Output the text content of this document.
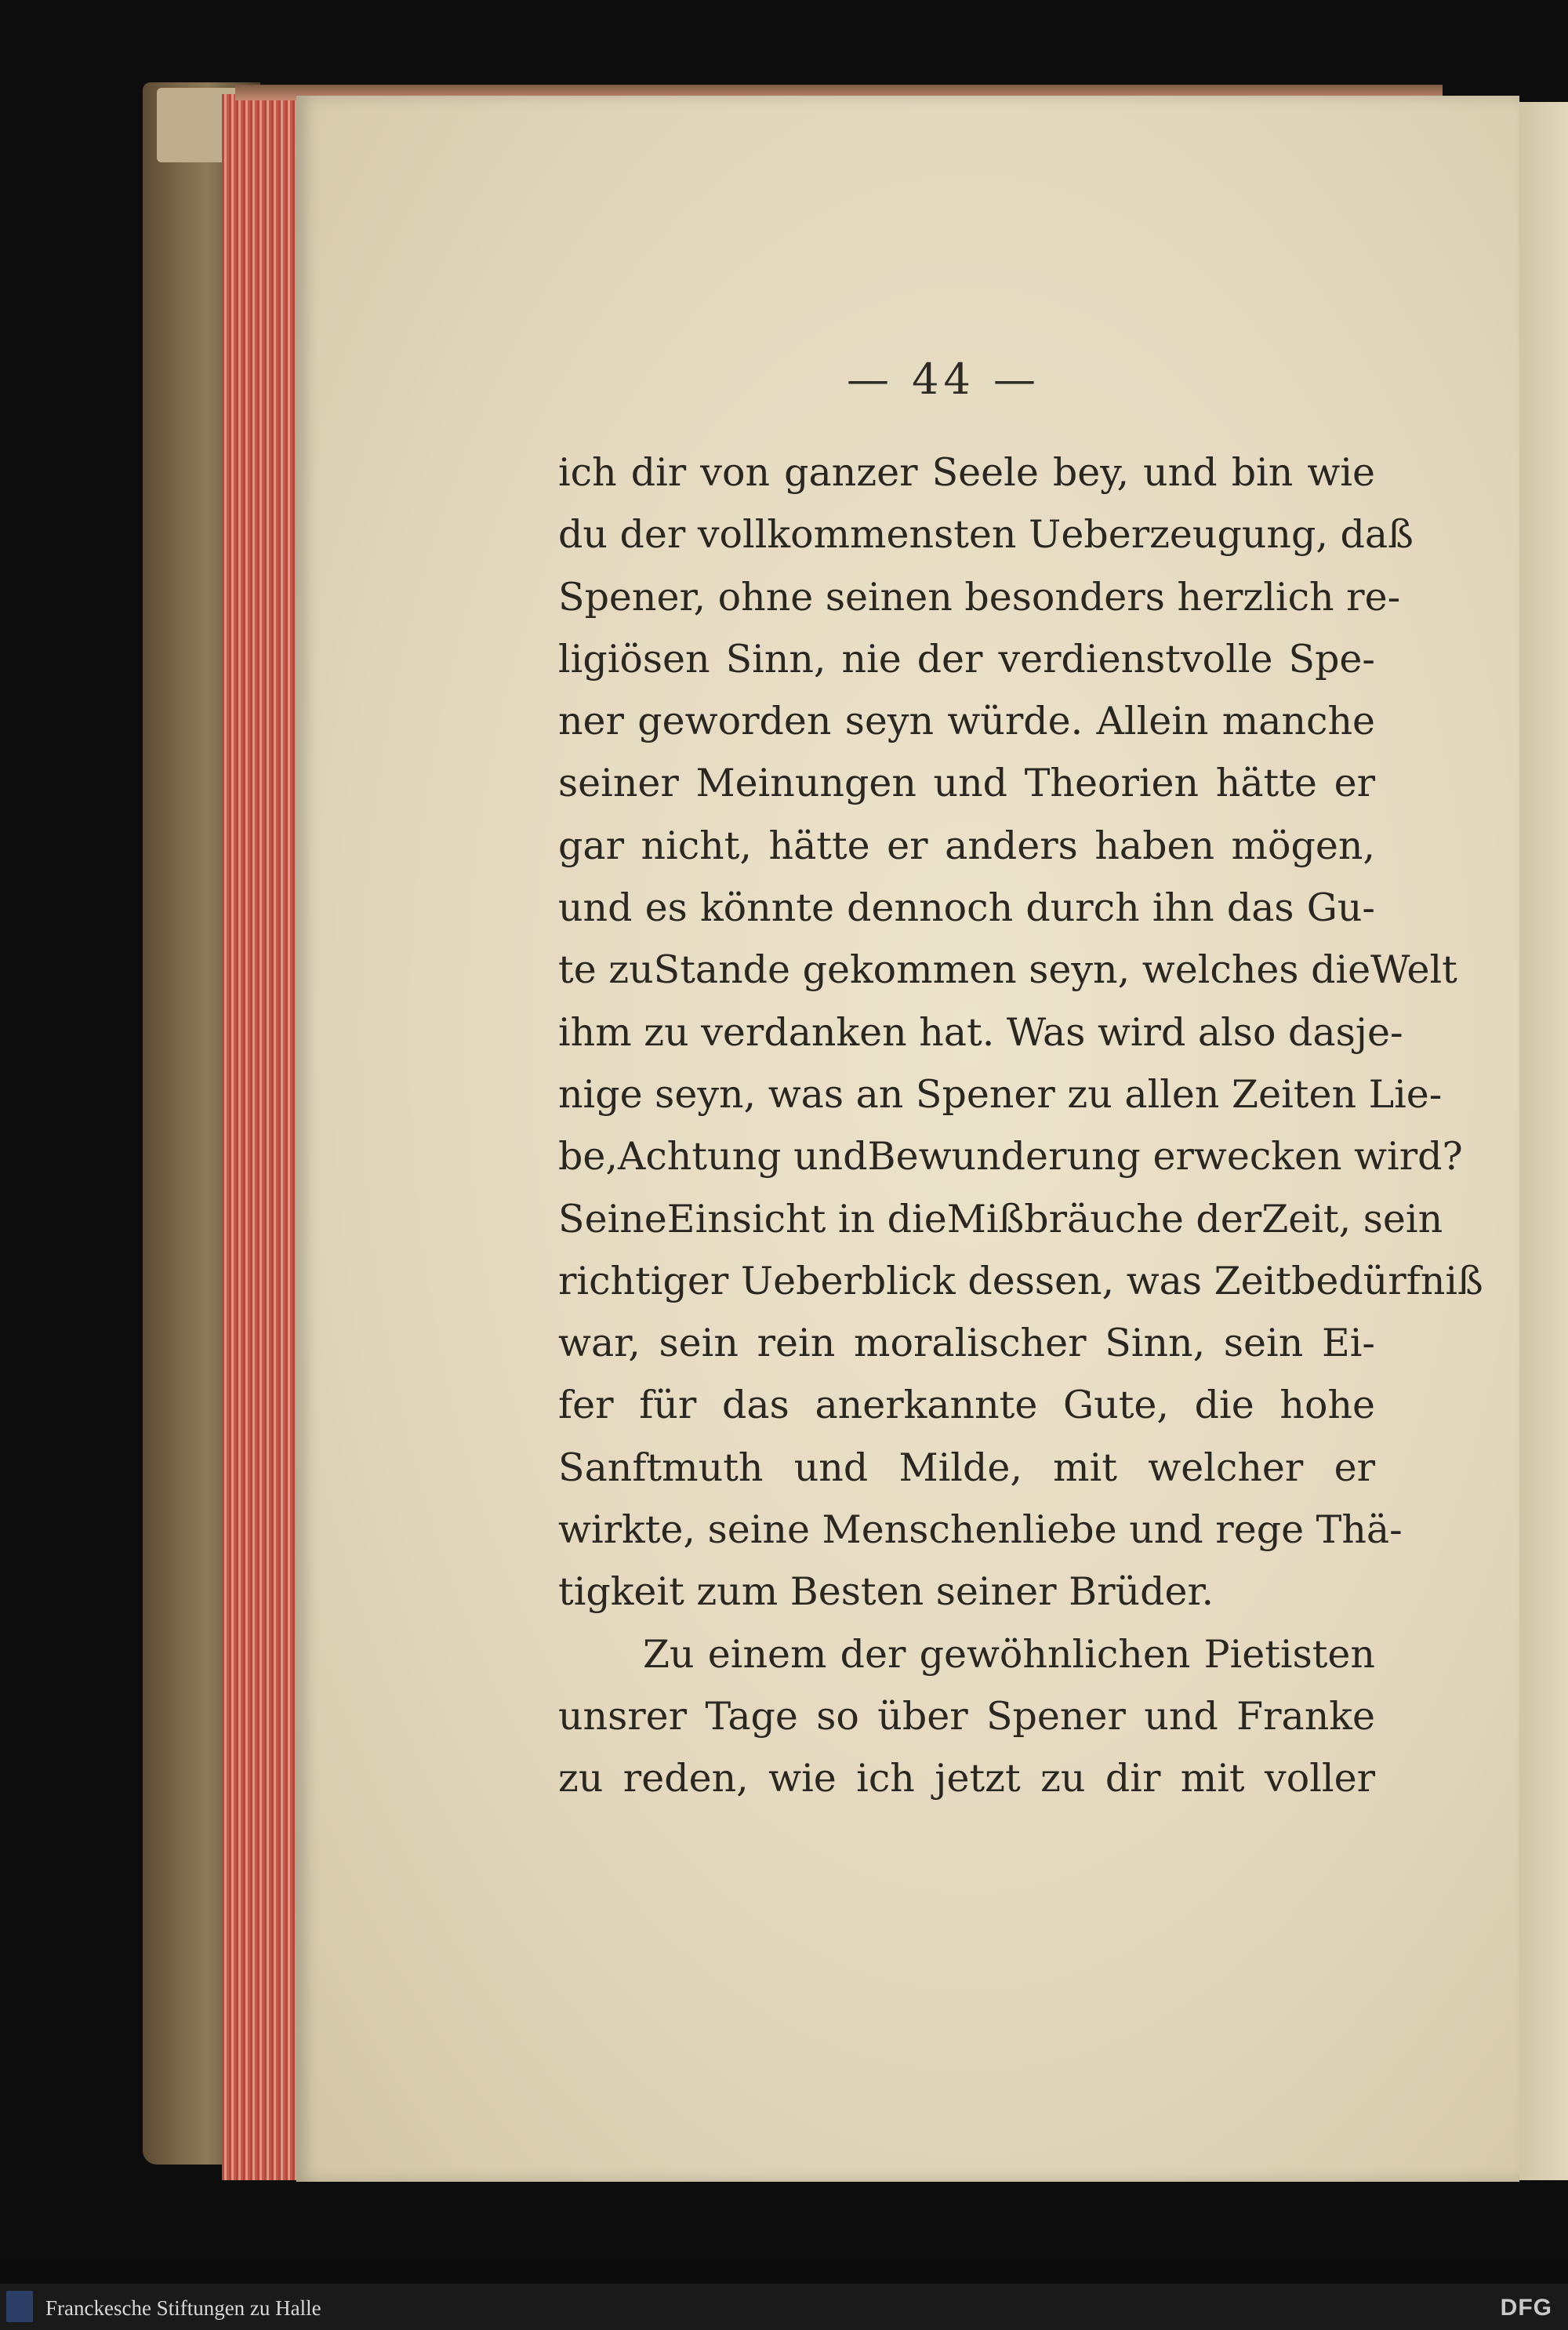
— 44 —
ich dir von ganzer Seele bey, und bin wie
du der vollkommensten Ueberzeugung, daß
Spener, ohne seinen besonders herzlich re-
ligiösen Sinn, nie der verdienstvolle Spe-
ner geworden seyn würde. Allein manche
seiner Meinungen und Theorien hätte er
gar nicht, hätte er anders haben mögen,
und es könnte dennoch durch ihn das Gu-
te zuStande gekommen seyn, welches dieWelt
ihm zu verdanken hat. Was wird also dasje-
nige seyn, was an Spener zu allen Zeiten Lie-
be,Achtung undBewunderung erwecken wird?
SeineEinsicht in dieMißbräuche derZeit, sein
richtiger Ueberblick dessen, was Zeitbedürfniß
war, sein rein moralischer Sinn, sein Ei-
fer für das anerkannte Gute, die hohe
Sanftmuth und Milde, mit welcher er
wirkte, seine Menschenliebe und rege Thä-
tigkeit zum Besten seiner Brüder.
Zu einem der gewöhnlichen Pietisten
unsrer Tage so über Spener und Franke
zu reden, wie ich jetzt zu dir mit voller
Franckesche Stiftungen zu Halle	DFG
